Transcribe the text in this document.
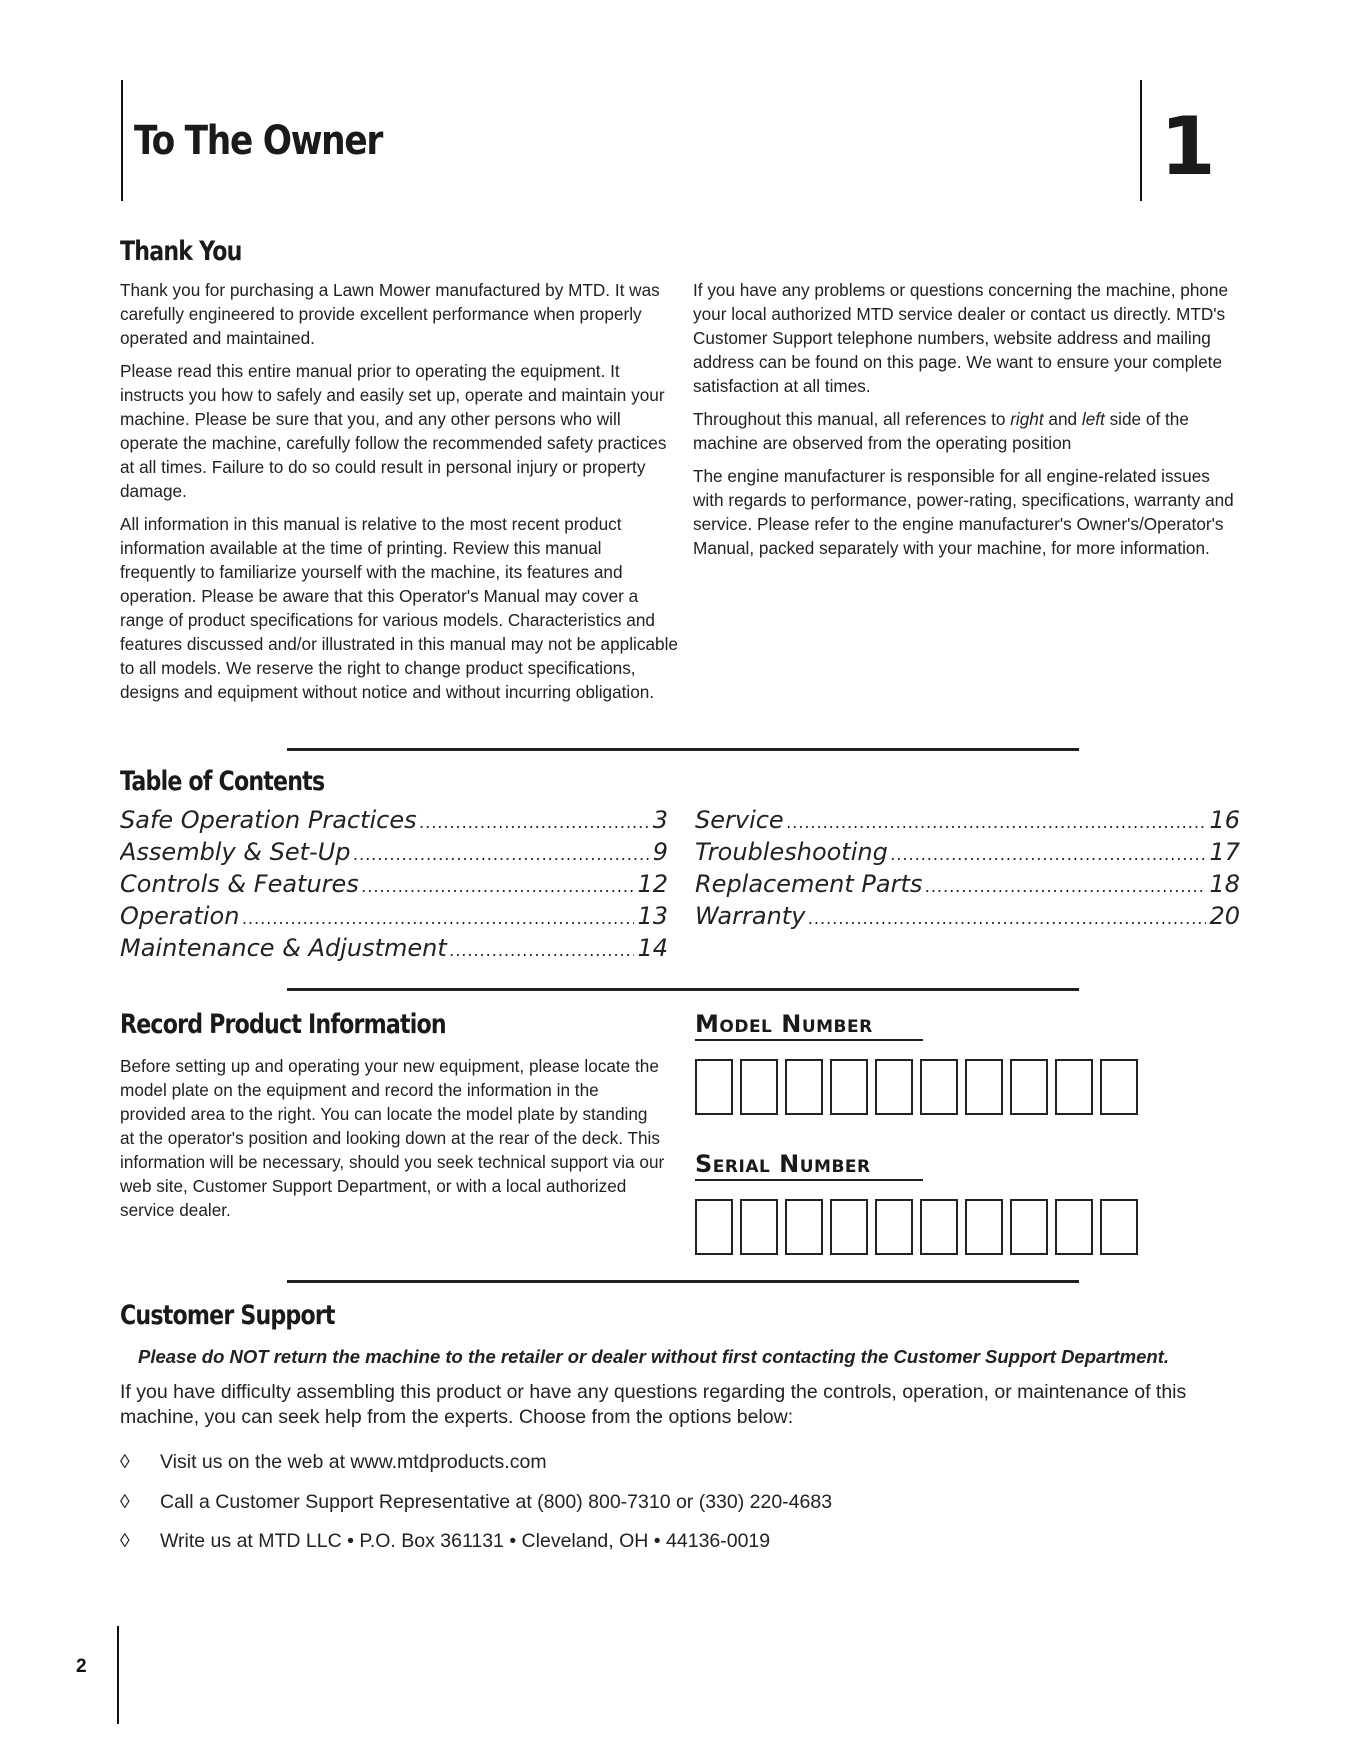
To The Owner	1
Thank You

Thank you for purchasing a Lawn Mower manufactured by MTD. It was carefully engineered to provide excellent performance when properly operated and maintained.

Please read this entire manual prior to operating the equipment. It instructs you how to safely and easily set up, operate and maintain your machine. Please be sure that you, and any other persons who will operate the machine, carefully follow the recommended safety practices at all times. Failure to do so could result in personal injury or property damage.

All information in this manual is relative to the most recent product information available at the time of printing. Review this manual frequently to familiarize yourself with the machine, its features and operation. Please be aware that this Operator's Manual may cover a range of product specifications for various models. Characteristics and features discussed and/or illustrated in this manual may not be applicable to all models. We reserve the right to change product specifications, designs and equipment without notice and without incurring obligation.

If you have any problems or questions concerning the machine, phone your local authorized MTD service dealer or contact us directly. MTD's Customer Support telephone numbers, website address and mailing address can be found on this page. We want to ensure your complete satisfaction at all times.

Throughout this manual, all references to right and left side of the machine are observed from the operating position

The engine manufacturer is responsible for all engine-related issues with regards to performance, power-rating, specifications, warranty and service. Please refer to the engine manufacturer's Owner's/Operator's Manual, packed separately with your machine, for more information.

Table of Contents
Safe Operation Practices .....	3
Assembly & Set-Up .....	9
Controls & Features .....	12
Operation .....	13
Maintenance & Adjustment .....	14
Service .....	16
Troubleshooting .....	17
Replacement Parts .....	18
Warranty .....	20
Record Product Information
Before setting up and operating your new equipment, please locate the model plate on the equipment and record the information in the provided area to the right. You can locate the model plate by standing at the operator's position and looking down at the rear of the deck. This information will be necessary, should you seek technical support via our web site, Customer Support Department, or with a local authorized service dealer.
Model Number
Serial Number
Customer Support
Please do NOT return the machine to the retailer or dealer without first contacting the Customer Support Department.
If you have difficulty assembling this product or have any questions regarding the controls, operation, or maintenance of this machine, you can seek help from the experts. Choose from the options below:
◊ Visit us on the web at www.mtdproducts.com
◊ Call a Customer Support Representative at (800) 800-7310 or (330) 220-4683
◊ Write us at MTD LLC • P.O. Box 361131 • Cleveland, OH • 44136-0019
2
